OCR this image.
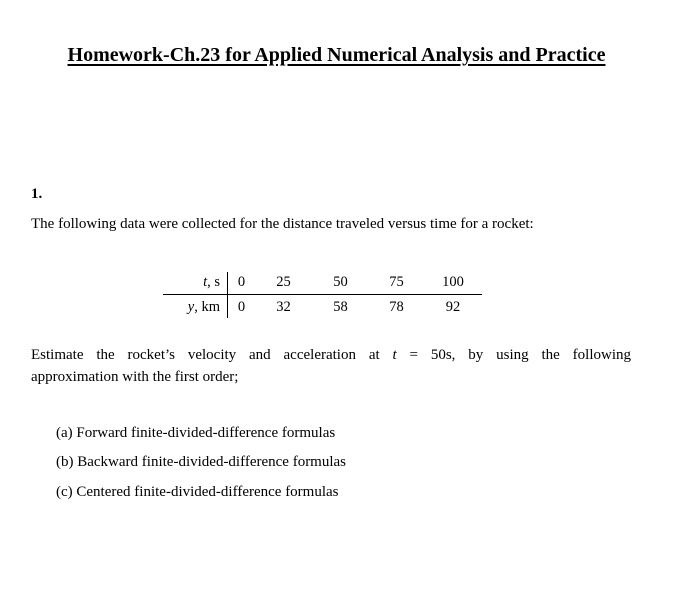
Homework-Ch.23 for Applied Numerical Analysis and Practice
1.
The following data were collected for the distance traveled versus time for a rocket:
t, s	0	25	50	75	100
y, km	0	32	58	78	92
Estimate the rocket’s velocity and acceleration at t = 50s, by using the following
approximation with the first order;
(a) Forward finite-divided-difference formulas
(b) Backward finite-divided-difference formulas
(c) Centered finite-divided-difference formulas
